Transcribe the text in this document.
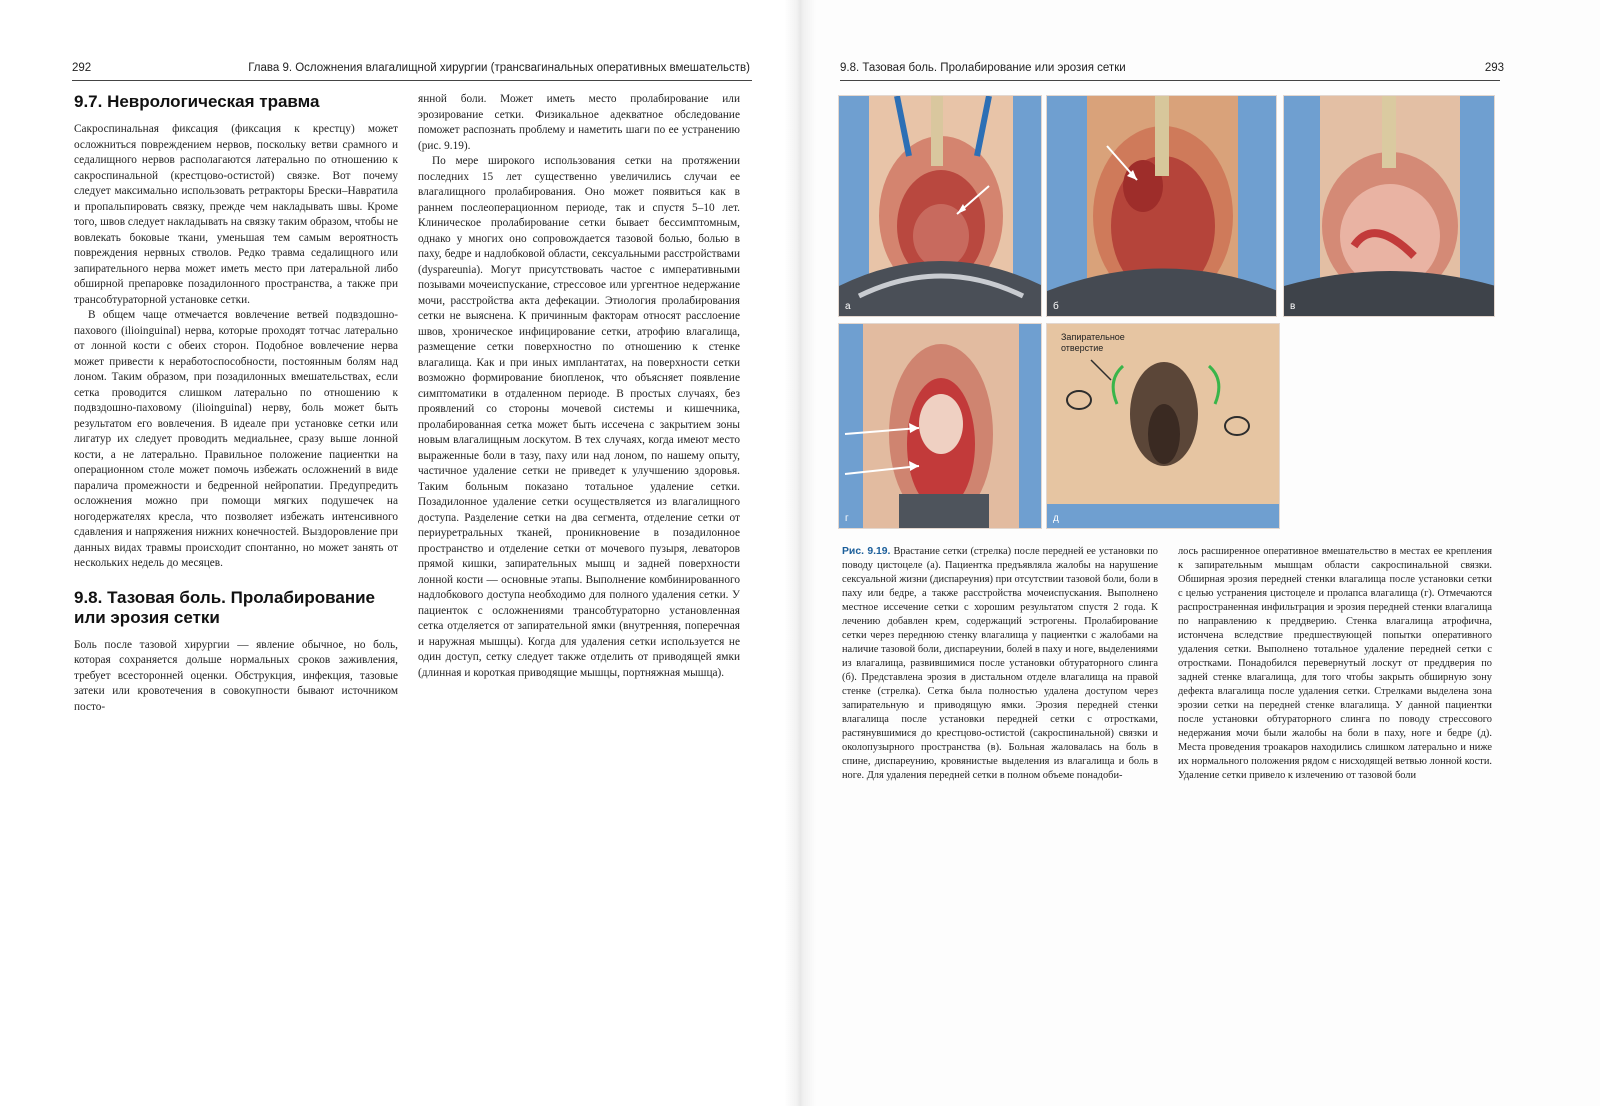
292	Глава 9. Осложнения влагалищной хирургии (трансвагинальных оперативных вмешательств)
9.7. Неврологическая травма

Сакроспинальная фиксация (фиксация к крестцу) может осложниться повреждением нервов, поскольку ветви срамного и седалищного нервов располагаются латерально по отношению к сакроспинальной (крестцово-остистой) связке. Вот почему следует максимально использовать ретракторы Брески–Навратила и пропальпировать связку, прежде чем накладывать швы. Кроме того, швов следует накладывать на связку таким образом, чтобы не вовлекать боковые ткани, уменьшая тем самым вероятность повреждения нервных стволов. Редко травма седалищного или запирательного нерва может иметь место при латеральной либо обширной препаровке позадилонного пространства, а также при трансобтураторной установке сетки.

В общем чаще отмечается вовлечение ветвей подвздошно-пахового (ilioinguinal) нерва, которые проходят тотчас латерально от лонной кости с обеих сторон. Подобное вовлечение нерва может привести к неработоспособности, постоянным болям над лоном. Таким образом, при позадилонных вмешательствах, если сетка проводится слишком латерально по отношению к подвздошно-паховому (ilioinguinal) нерву, боль может быть результатом его вовлечения. В идеале при установке сетки или лигатур их следует проводить медиальнее, сразу выше лонной кости, а не латерально. Правильное положение пациентки на операционном столе может помочь избежать осложнений в виде паралича промежности и бедренной нейропатии. Предупредить осложнения можно при помощи мягких подушечек на ногодержателях кресла, что позволяет избежать интенсивного сдавления и напряжения нижних конечностей. Выздоровление при данных видах травмы происходит спонтанно, но может занять от нескольких недель до месяцев.

9.8. Тазовая боль. Пролабирование или эрозия сетки

Боль после тазовой хирургии — явление обычное, но боль, которая сохраняется дольше нормальных сроков заживления, требует всесторонней оценки. Обструкция, инфекция, тазовые затеки или кровотечения в совокупности бывают источником посто-

янной боли. Может иметь место пролабирование или эрозирование сетки. Физикальное адекватное обследование поможет распознать проблему и наметить шаги по ее устранению (рис. 9.19).

По мере широкого использования сетки на протяжении последних 15 лет существенно увеличились случаи ее влагалищного пролабирования. Оно может появиться как в раннем послеоперационном периоде, так и спустя 5–10 лет. Клиническое пролабирование сетки бывает бессимптомным, однако у многих оно сопровождается тазовой болью, болью в паху, бедре и надлобковой области, сексуальными расстройствами (dyspareunia). Могут присутствовать частое с императивными позывами мочеиспускание, стрессовое или ургентное недержание мочи, расстройства акта дефекации. Этиология пролабирования сетки не выяснена. К причинным факторам относят расслоение швов, хроническое инфицирование сетки, атрофию влагалища, размещение сетки поверхностно по отношению к стенке влагалища. Как и при иных имплантатах, на поверхности сетки возможно формирование биопленок, что объясняет появление симптоматики в отдаленном периоде. В простых случаях, без проявлений со стороны мочевой системы и кишечника, пролабированная сетка может быть иссечена с закрытием зоны новым влагалищным лоскутом. В тех случаях, когда имеют место выраженные боли в тазу, паху или над лоном, по нашему опыту, частичное удаление сетки не приведет к улучшению здоровья. Таким больным показано тотальное удаление сетки. Позадилонное удаление сетки осуществляется из влагалищного доступа. Разделение сетки на два сегмента, отделение сетки от периуретральных тканей, проникновение в позадилонное пространство и отделение сетки от мочевого пузыря, леваторов прямой кишки, запирательных мышц и задней поверхности лонной кости — основные этапы. Выполнение комбинированного надлобкового доступа необходимо для полного удаления сетки. У пациенток с осложнениями трансобтураторно установленная сетка отделяется от запирательной ямки (внутренняя, поперечная и наружная мышцы). Когда для удаления сетки используется не один доступ, сетку следует также отделить от приводящей ямки (длинная и короткая приводящие мышцы, портняжная мышца).

9.8. Тазовая боль. Пролабирование или эрозия сетки	293
а	б	в
г
Запирательное отверстие
д
Рис. 9.19. Врастание сетки (стрелка) после передней ее установки по поводу цистоцеле (а). Пациентка предъявляла жалобы на нарушение сексуальной жизни (диспареуния) при отсутствии тазовой боли, боли в паху или бедре, а также расстройства мочеиспускания. Выполнено местное иссечение сетки с хорошим результатом спустя 2 года. К лечению добавлен крем, содержащий эстрогены. Пролабирование сетки через переднюю стенку влагалища у пациентки с жалобами на наличие тазовой боли, диспареунии, болей в паху и ноге, выделениями из влагалища, развившимися после установки обтураторного слинга (б). Представлена эрозия в дистальном отделе влагалища на правой стенке (стрелка). Сетка была полностью удалена доступом через запирательную и приводящую ямки. Эрозия передней стенки влагалища после установки передней сетки с отростками, растянувшимися до крестцово-остистой (сакроспинальной) связки и околопузырного пространства (в). Больная жаловалась на боль в спине, диспареунию, кровянистые выделения из влагалища и боль в ноге. Для удаления передней сетки в полном объеме понадоби-
лось расширенное оперативное вмешательство в местах ее крепления к запирательным мышцам области сакроспинальной связки. Обширная эрозия передней стенки влагалища после установки сетки с целью устранения цистоцеле и пролапса влагалища (г). Отмечаются распространенная инфильтрация и эрозия передней стенки влагалища по направлению к преддверию. Стенка влагалища атрофична, истончена вследствие предшествующей попытки оперативного удаления сетки. Выполнено тотальное удаление передней сетки с отростками. Понадобился перевернутый лоскут от преддверия по задней стенке влагалища, для того чтобы закрыть обширную зону дефекта влагалища после удаления сетки. Стрелками выделена зона эрозии сетки на передней стенке влагалища. У данной пациентки после установки обтураторного слинга по поводу стрессового недержания мочи были жалобы на боли в паху, ноге и бедре (д). Места проведения троакаров находились слишком латерально и ниже их нормального положения рядом с нисходящей ветвью лонной кости. Удаление сетки привело к излечению от тазовой боли
